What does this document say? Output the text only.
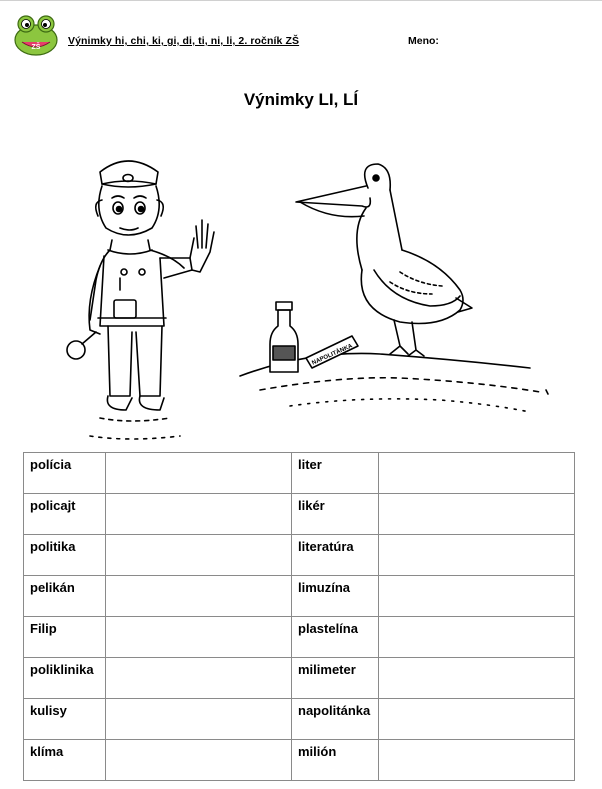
ZŠ
Výnimky hi, chi, ki, gi, di, ti, ni, li, 2. ročník ZŠ	Meno:
Výnimky LI, LÍ
NAPOLITÁNKA
polícia		liter	

policajt		likér	

politika		literatúra	

pelikán		limuzína	

Filip		plastelína	

poliklinika		milimeter	

kulisy		napolitánka	

klíma		milión	
